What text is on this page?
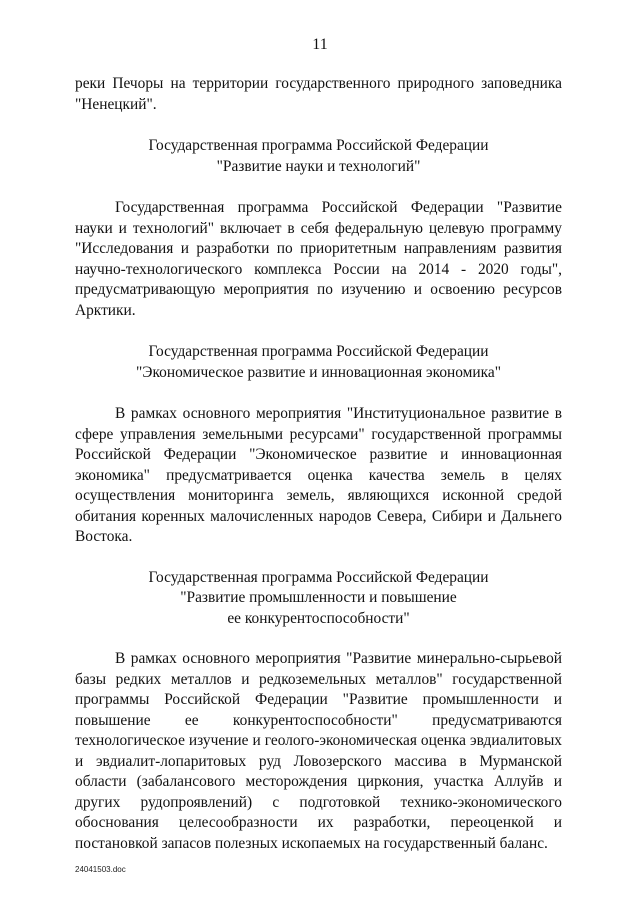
11

реки Печоры на территории государственного природного заповедника "Ненецкий".

Государственная программа Российской Федерации

"Развитие науки и технологий"

Государственная программа Российской Федерации "Развитие науки и технологий" включает в себя федеральную целевую программу "Исследования и разработки по приоритетным направлениям развития научно-технологического комплекса России на 2014 - 2020 годы", предусматривающую мероприятия по изучению и освоению ресурсов Арктики.

Государственная программа Российской Федерации

"Экономическое развитие и инновационная экономика"

В рамках основного мероприятия "Институциональное развитие в сфере управления земельными ресурсами" государственной программы Российской Федерации "Экономическое развитие и инновационная экономика" предусматривается оценка качества земель в целях осуществления мониторинга земель, являющихся исконной средой обитания коренных малочисленных народов Севера, Сибири и Дальнего Востока.

Государственная программа Российской Федерации

"Развитие промышленности и повышение

ее конкурентоспособности"

В рамках основного мероприятия "Развитие минерально-сырьевой базы редких металлов и редкоземельных металлов" государственной программы Российской Федерации "Развитие промышленности и повышение ее конкурентоспособности" предусматриваются технологическое изучение и геолого-экономическая оценка эвдиалитовых и эвдиалит-лопаритовых руд Ловозерского массива в Мурманской области (забалансового месторождения циркония, участка Аллуйв и других рудопроявлений) с подготовкой технико-экономического обоснования целесообразности их разработки, переоценкой и постановкой запасов полезных ископаемых на государственный баланс.

24041503.doc
